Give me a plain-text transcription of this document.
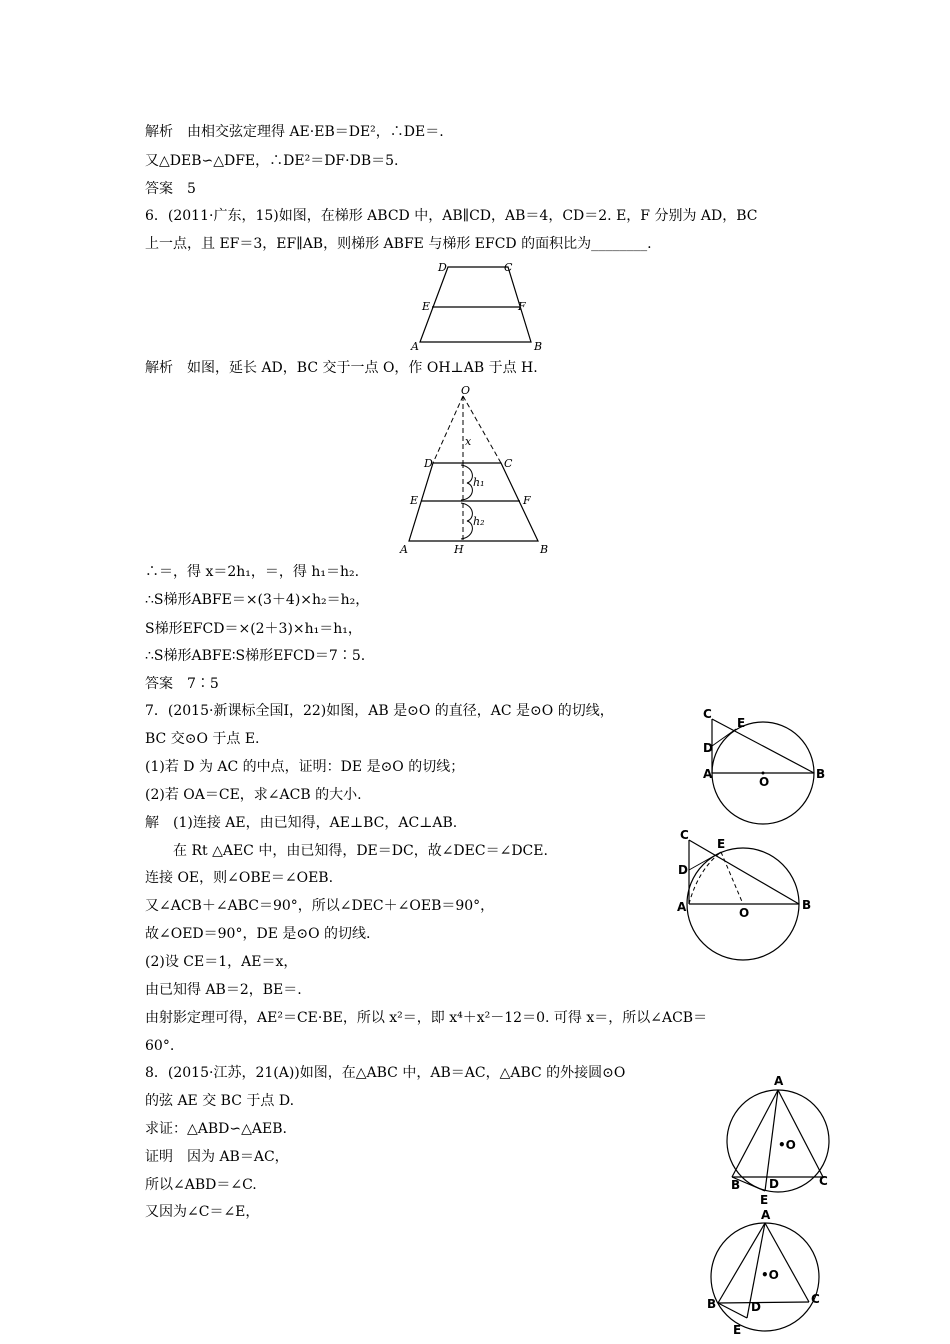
解析　由相交弦定理得 AE·EB＝DE²，∴DE＝.
又△DEB∽△DFE，∴DE²＝DF·DB＝5.
答案　5
6．(2011·广东，15)如图，在梯形 ABCD 中，AB∥CD，AB＝4，CD＝2. E，F 分别为 AD，BC
上一点，且 EF＝3，EF∥AB，则梯形 ABFE 与梯形 EFCD 的面积比为________.
解析　如图，延长 AD，BC 交于一点 O，作 OH⊥AB 于点 H.
∴＝，得 x＝2h₁，＝，得 h₁＝h₂.
∴S梯形ABFE＝×(3＋4)×h₂＝h₂，
S梯形EFCD＝×(2＋3)×h₁＝h₁，
∴S梯形ABFE∶S梯形EFCD＝7∶5.
答案　7∶5
7．(2015·新课标全国Ⅰ，22)如图，AB 是⊙O 的直径，AC 是⊙O 的切线，
BC 交⊙O 于点 E.
(1)若 D 为 AC 的中点，证明：DE 是⊙O 的切线；
(2)若 OA＝CE，求∠ACB 的大小.
解　(1)连接 AE，由已知得，AE⊥BC，AC⊥AB.
　　在 Rt △AEC 中，由已知得，DE＝DC，故∠DEC＝∠DCE.
连接 OE，则∠OBE＝∠OEB.
又∠ACB＋∠ABC＝90°，所以∠DEC＋∠OEB＝90°，
故∠OED＝90°，DE 是⊙O 的切线.
(2)设 CE＝1，AE＝x，
由已知得 AB＝2，BE＝.
由射影定理可得，AE²＝CE·BE，所以 x²＝，即 x⁴＋x²－12＝0. 可得 x＝，所以∠ACB＝
60°.
8．(2015·江苏，21(A))如图，在△ABC 中，AB＝AC，△ABC 的外接圆⊙O
的弦 AE 交 BC 于点 D.
求证：△ABD∽△AEB.
证明　因为 AB＝AC，
所以∠ABD＝∠C.
又因为∠C＝∠E，
D	C
E	F
A	B
O
x
D	C
E	F
h₁
h₂
A	H	B
C
E
D
A
O
B
C
E
D
A	O
B
A
•O
B D	C
E
A
•O
B	D
C
E
